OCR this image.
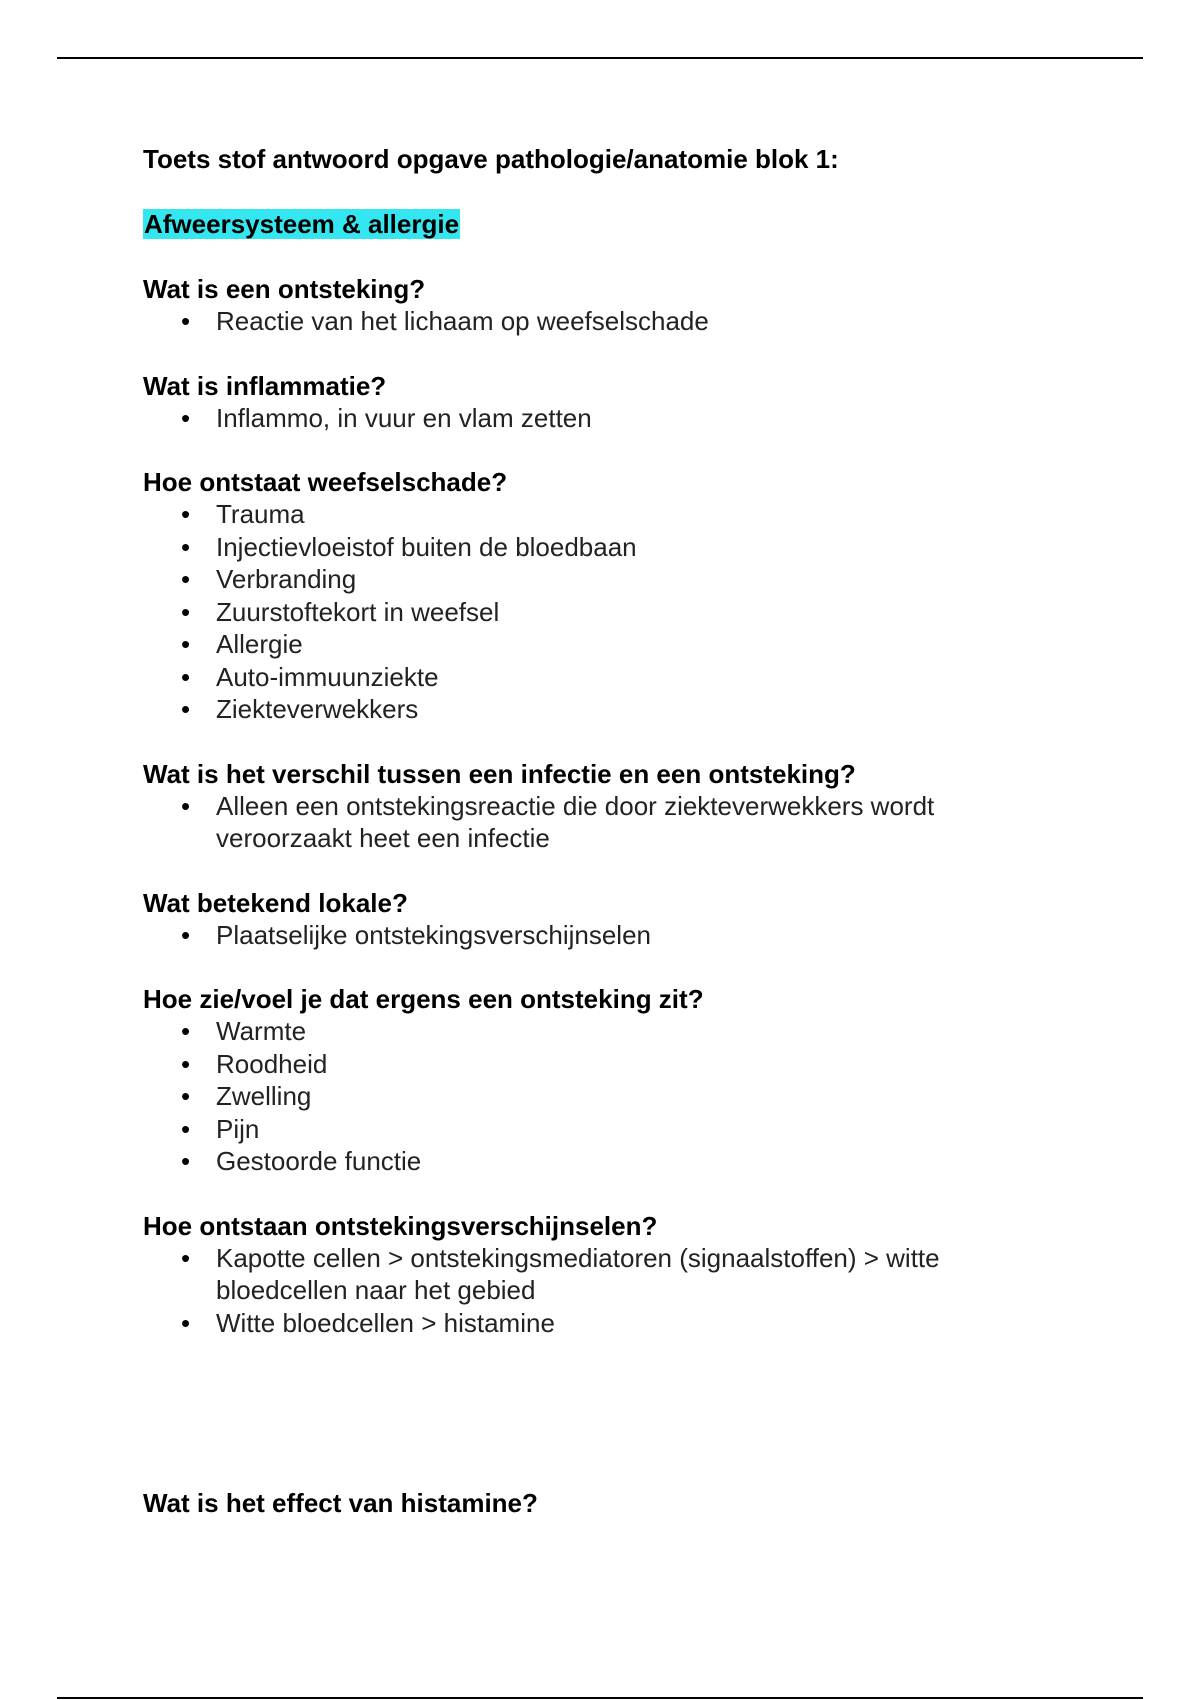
Toets stof antwoord opgave pathologie/anatomie blok 1:
Afweersysteem & allergie
Wat is een ontsteking?
• Reactie van het lichaam op weefselschade
Wat is inflammatie?
• Inflammo, in vuur en vlam zetten
Hoe ontstaat weefselschade?
• Trauma
• Injectievloeistof buiten de bloedbaan
• Verbranding
• Zuurstoftekort in weefsel
• Allergie
• Auto-immuunziekte
• Ziekteverwekkers
Wat is het verschil tussen een infectie en een ontsteking?
• Alleen een ontstekingsreactie die door ziekteverwekkers wordt veroorzaakt heet een infectie
Wat betekend lokale?
• Plaatselijke ontstekingsverschijnselen
Hoe zie/voel je dat ergens een ontsteking zit?
• Warmte
• Roodheid
• Zwelling
• Pijn
• Gestoorde functie
Hoe ontstaan ontstekingsverschijnselen?
• Kapotte cellen > ontstekingsmediatoren (signaalstoffen) > witte bloedcellen naar het gebied
• Witte bloedcellen > histamine
Wat is het effect van histamine?
